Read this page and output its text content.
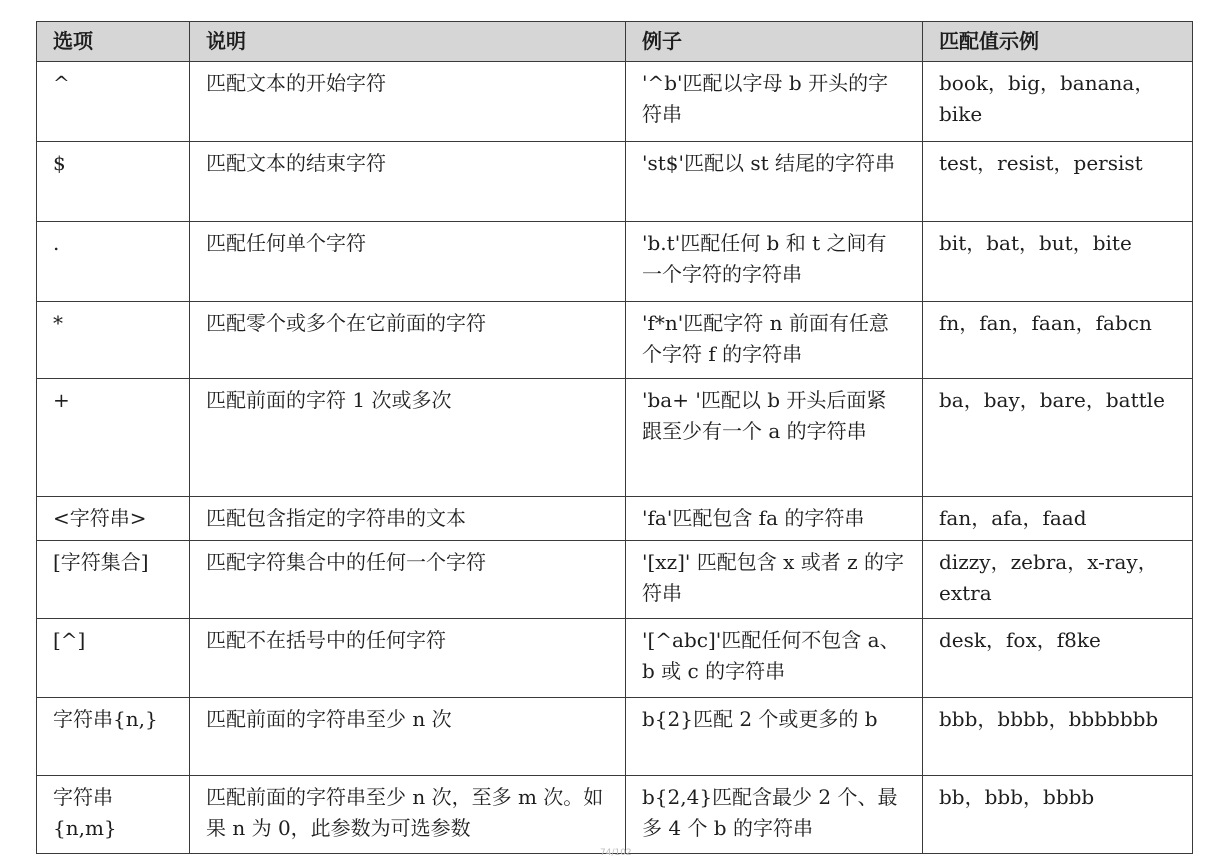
选项	说明	例子	匹配值示例
^	匹配文本的开始字符	'^b'匹配以字母 b 开头的字符串	book，big，banana，bike
$	匹配文本的结束字符	'st$'匹配以 st 结尾的字符串	test，resist，persist
.	匹配任何单个字符	'b.t'匹配任何 b 和 t 之间有一个字符的字符串	bit，bat，but，bite
*	匹配零个或多个在它前面的字符	'f*n'匹配字符 n 前面有任意个字符 f 的字符串	fn，fan，faan，fabcn
+	匹配前面的字符 1 次或多次	'ba+ '匹配以 b 开头后面紧跟至少有一个 a 的字符串	ba，bay，bare，battle
<字符串>	匹配包含指定的字符串的文本	'fa'匹配包含 fa 的字符串	fan，afa，faad
[字符集合]	匹配字符集合中的任何一个字符	'[xz]' 匹配包含 x 或者 z 的字符串	dizzy，zebra，x-ray，extra
[^]	匹配不在括号中的任何字符	'[^abc]'匹配任何不包含 a、b 或 c 的字符串	desk，fox，f8ke
字符串{n,}	匹配前面的字符串至少 n 次	b{2}匹配 2 个或更多的 b	bbb，bbbb，bbbbbbb
字符串{n,m}	匹配前面的字符串至少 n 次，至多 m 次。如果 n 为 0，此参数为可选参数	b{2,4}匹配含最少 2 个、最多 4 个 b 的字符串	bb，bbb，bbbb
74/102
